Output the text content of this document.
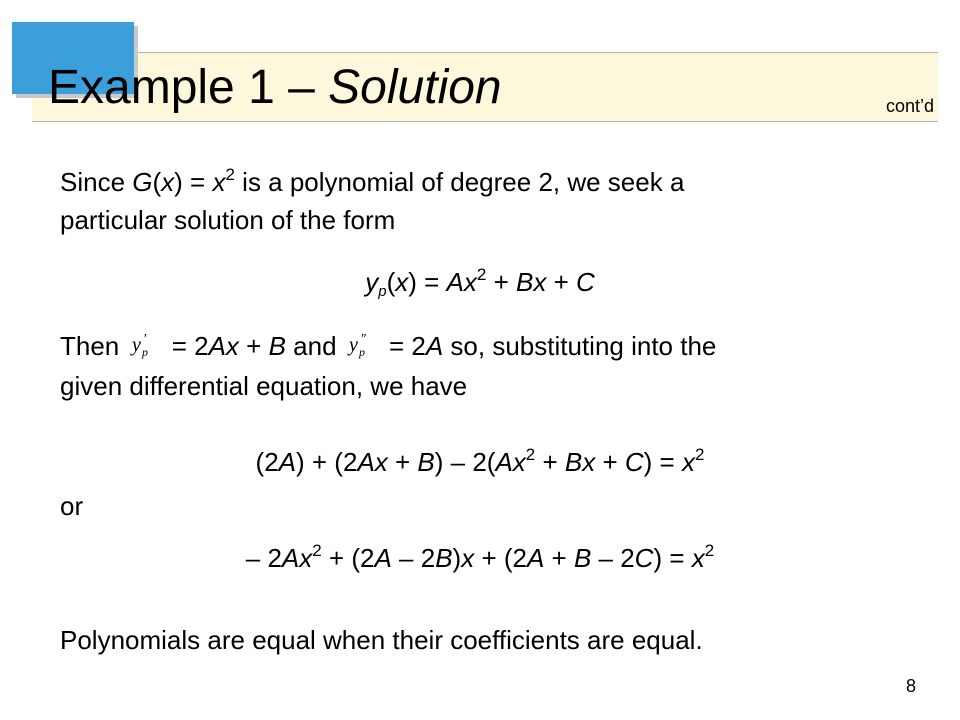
Example 1 – Solution	cont’d

Since $G(x) = x^2$ is a polynomial of degree 2, we seek a

particular solution of the form

$y_p(x) = Ax^2 + Bx + C$

Then y p
′ = 2Ax + B and y p
″ = 2A so, substituting into the

given differential equation, we have

$(2A) + (2Ax + B) - 2(Ax^2 + Bx + C) = x^2$

or

– $2Ax^2 + (2A - 2B)x + (2A + B - 2C) = x^2$

Polynomials are equal when their coefficients are equal.

8
